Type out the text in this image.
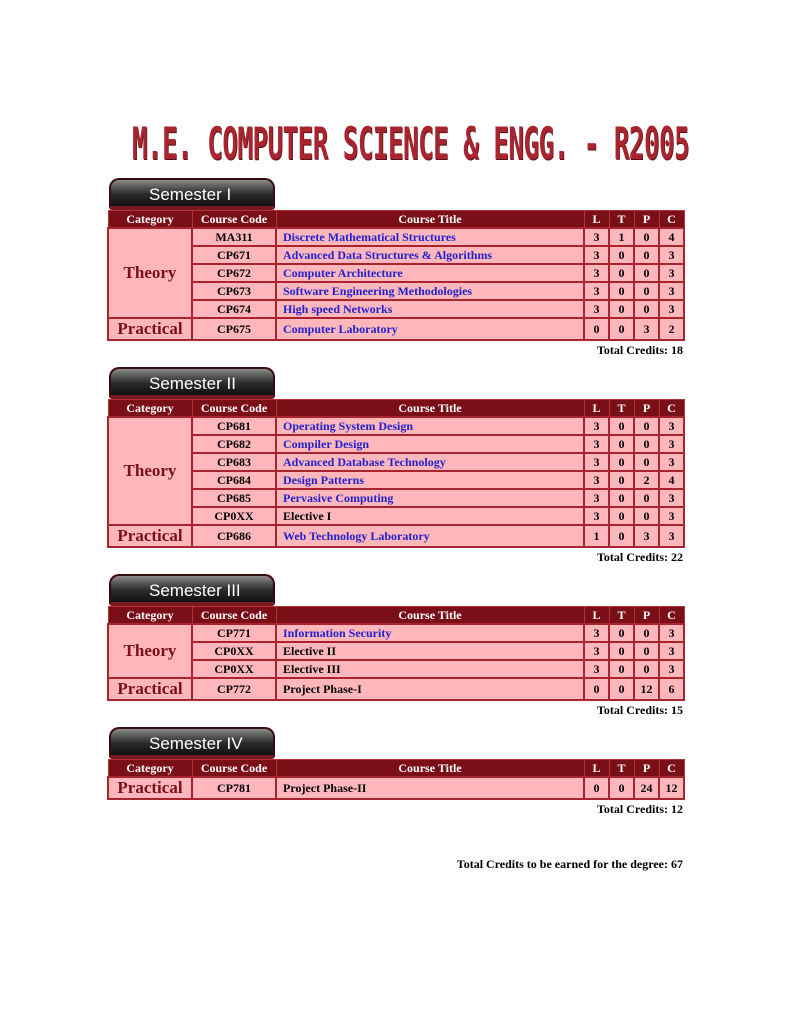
M.E. COMPUTER SCIENCE & ENGG. - R2005
Semester I
Category	Course Code	Course Title	L	T	P	C
Theory	MA311	Discrete Mathematical Structures	3	1	0	4
	CP671	Advanced Data Structures & Algorithms	3	0	0	3
	CP672	Computer Architecture	3	0	0	3
	CP673	Software Engineering Methodologies	3	0	0	3
	CP674	High speed Networks	3	0	0	3
Practical	CP675	Computer Laboratory	0	0	3	2
Total Credits: 18
Semester II
Category	Course Code	Course Title	L	T	P	C
Theory	CP681	Operating System Design	3	0	0	3
	CP682	Compiler Design	3	0	0	3
	CP683	Advanced Database Technology	3	0	0	3
	CP684	Design Patterns	3	0	2	4
	CP685	Pervasive Computing	3	0	0	3
	CP0XX	Elective I	3	0	0	3
Practical	CP686	Web Technology Laboratory	1	0	3	3
Total Credits: 22
Semester III
Category	Course Code	Course Title	L	T	P	C
Theory	CP771	Information Security	3	0	0	3
	CP0XX	Elective II	3	0	0	3
	CP0XX	Elective III	3	0	0	3
Practical	CP772	Project Phase-I	0	0	12	6
Total Credits: 15
Semester IV
Category	Course Code	Course Title	L	T	P	C
Practical	CP781	Project Phase-II	0	0	24	12
Total Credits: 12
Total Credits to be earned for the degree: 67
